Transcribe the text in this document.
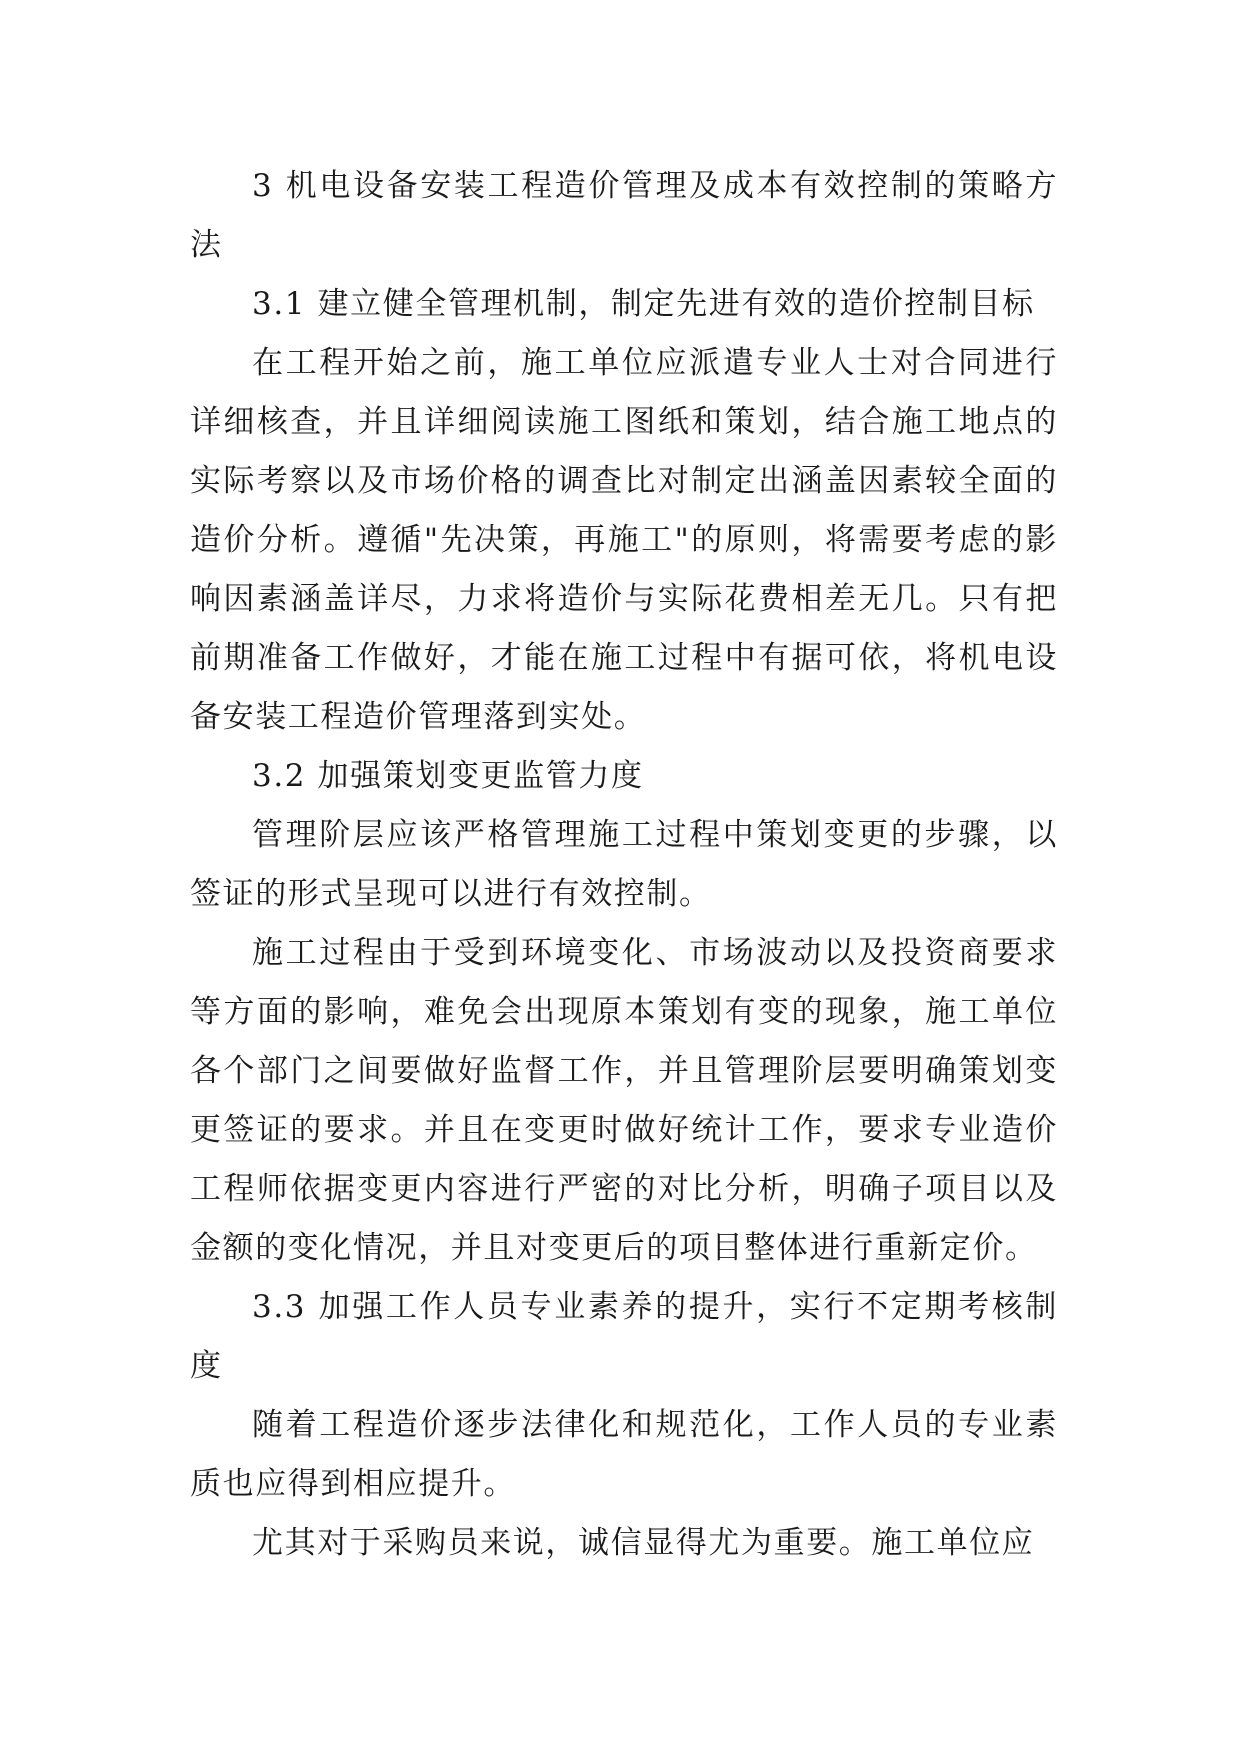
3 机电设备安装工程造价管理及成本有效控制的策略方法

3.1 建立健全管理机制，制定先进有效的造价控制目标

在工程开始之前，施工单位应派遣专业人士对合同进行详细核查，并且详细阅读施工图纸和策划，结合施工地点的实际考察以及市场价格的调查比对制定出涵盖因素较全面的造价分析。遵循"先决策，再施工"的原则，将需要考虑的影响因素涵盖详尽，力求将造价与实际花费相差无几。只有把前期准备工作做好，才能在施工过程中有据可依，将机电设备安装工程造价管理落到实处。

3.2 加强策划变更监管力度

管理阶层应该严格管理施工过程中策划变更的步骤，以签证的形式呈现可以进行有效控制。

施工过程由于受到环境变化、市场波动以及投资商要求等方面的影响，难免会出现原本策划有变的现象，施工单位各个部门之间要做好监督工作，并且管理阶层要明确策划变更签证的要求。并且在变更时做好统计工作，要求专业造价工程师依据变更内容进行严密的对比分析，明确子项目以及金额的变化情况，并且对变更后的项目整体进行重新定价。

3.3 加强工作人员专业素养的提升，实行不定期考核制度

随着工程造价逐步法律化和规范化，工作人员的专业素质也应得到相应提升。

尤其对于采购员来说，诚信显得尤为重要。施工单位应
